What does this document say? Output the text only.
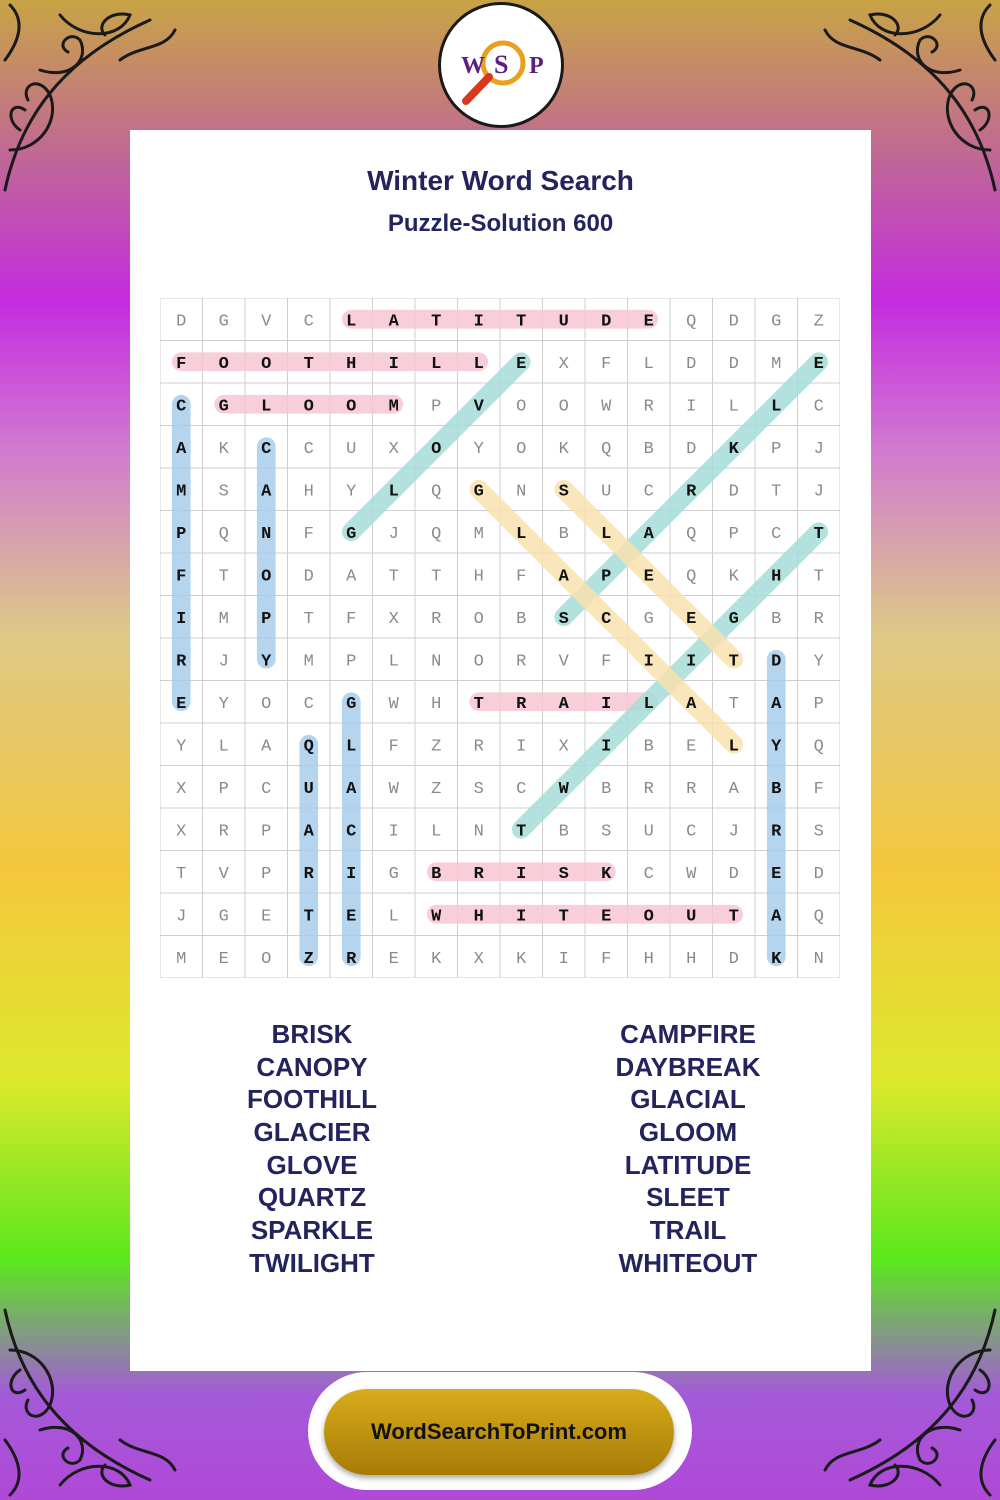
W S P
Winter Word Search
Puzzle-Solution 600
D G V C L A T I T U D E Q D G Z
F O O T H I L L E X F L D D M E
C G L O O M P V O O W R I L L C
A K C C U X O Y O K Q B D K P J
M S A H Y L Q G N S U C R D T J
P Q N F G J Q M L B L A Q P C T
F T O D A T T H F A P E Q K H T
I M P T F X R O B S C G E G B R
R J Y M P L N O R V F I I T D Y
E Y O C G W H T R A I L A T A P
Y L A Q L F Z R I X I B E L Y Q
X P C U A W Z S C W B R R A B F
X R P A C I L N T B S U C J R S
T V P R I G B R I S K C W D E D
J G E T E L W H I T E O U T A Q
M E O Z R E K X K I F H H D K N
BRISK
CANOPY
FOOTHILL
GLACIER
GLOVE
QUARTZ
SPARKLE
TWILIGHT
CAMPFIRE
DAYBREAK
GLACIAL
GLOOM
LATITUDE
SLEET
TRAIL
WHITEOUT
WordSearchToPrint.com
